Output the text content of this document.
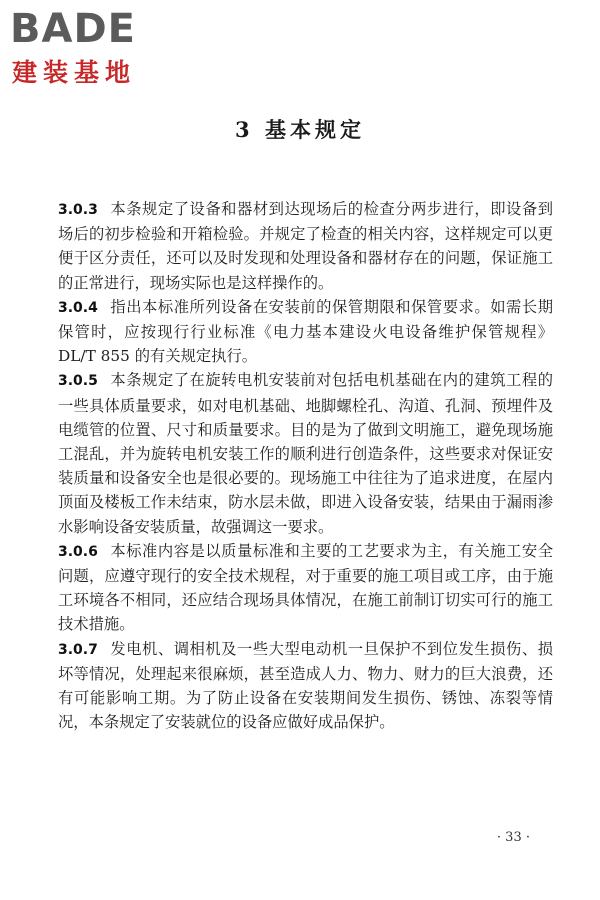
BADE
建装基地
3 基本规定

3.0.3 本条规定了设备和器材到达现场后的检查分两步进行，即设备到场后的初步检验和开箱检验。并规定了检查的相关内容，这样规定可以更便于区分责任，还可以及时发现和处理设备和器材存在的问题，保证施工的正常进行，现场实际也是这样操作的。

3.0.4 指出本标准所列设备在安装前的保管期限和保管要求。如需长期保管时，应按现行行业标准《电力基本建设火电设备维护保管规程》DL/T 855 的有关规定执行。

3.0.5 本条规定了在旋转电机安装前对包括电机基础在内的建筑工程的一些具体质量要求，如对电机基础、地脚螺栓孔、沟道、孔洞、预埋件及电缆管的位置、尺寸和质量要求。目的是为了做到文明施工，避免现场施工混乱，并为旋转电机安装工作的顺利进行创造条件，这些要求对保证安装质量和设备安全也是很必要的。现场施工中往往为了追求进度，在屋内顶面及楼板工作未结束，防水层未做，即进入设备安装，结果由于漏雨渗水影响设备安装质量，故强调这一要求。

3.0.6 本标准内容是以质量标准和主要的工艺要求为主，有关施工安全问题，应遵守现行的安全技术规程，对于重要的施工项目或工序，由于施工环境各不相同，还应结合现场具体情况，在施工前制订切实可行的施工技术措施。

3.0.7 发电机、调相机及一些大型电动机一旦保护不到位发生损伤、损坏等情况，处理起来很麻烦，甚至造成人力、物力、财力的巨大浪费，还有可能影响工期。为了防止设备在安装期间发生损伤、锈蚀、冻裂等情况，本条规定了安装就位的设备应做好成品保护。

· 33 ·
